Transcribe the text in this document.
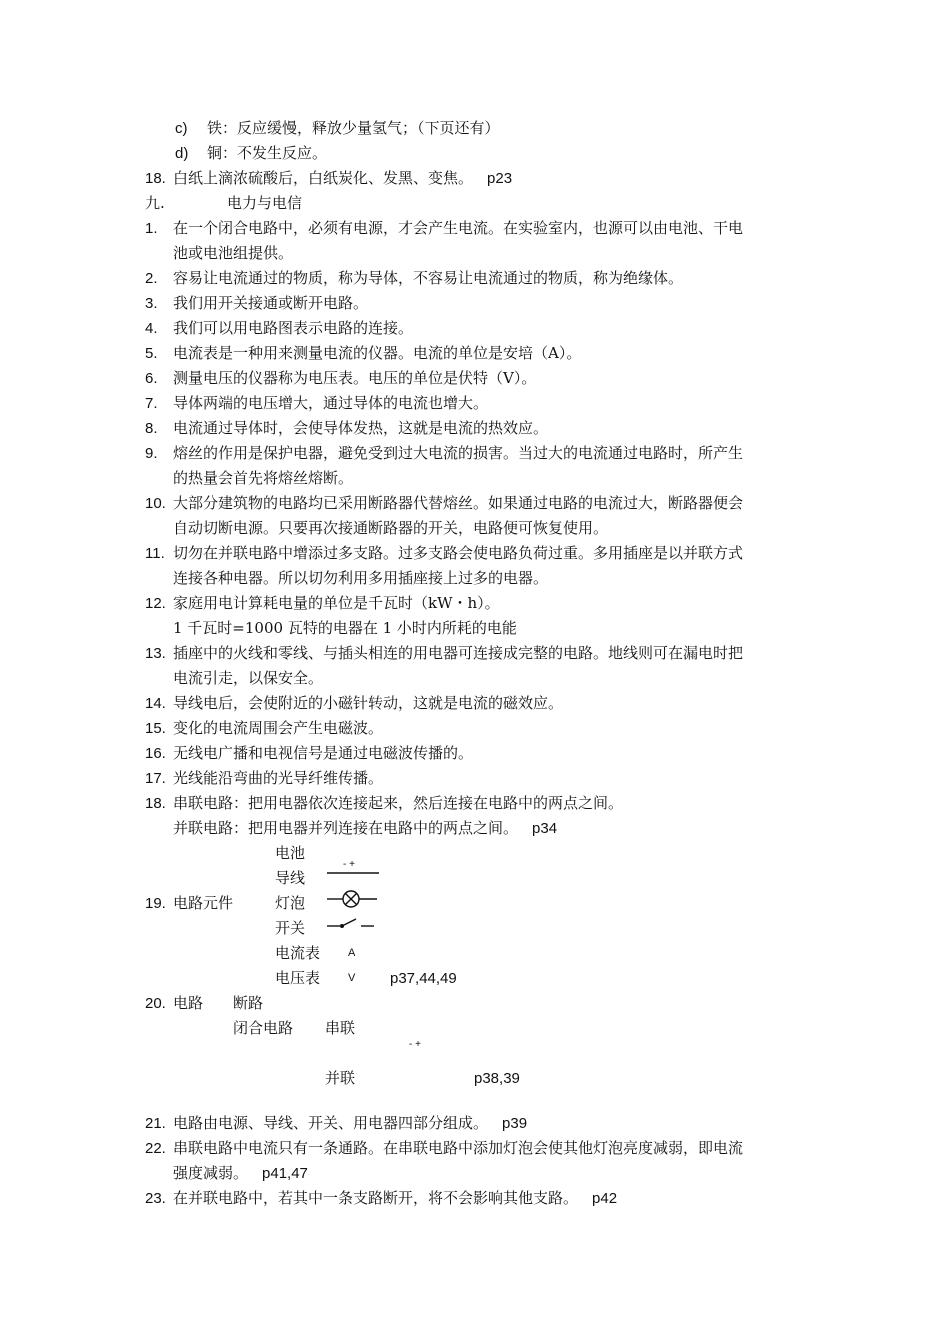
c) 铁：反应缓慢，释放少量氢气；（下页还有）
d) 铜：不发生反应。
18. 白纸上滴浓硫酸后，白纸炭化、发黑、变焦。 p23
九.	电力与电信
1. 在一个闭合电路中，必须有电源，才会产生电流。在实验室内，也源可以由电池、干电
池或电池组提供。
2. 容易让电流通过的物质，称为导体，不容易让电流通过的物质，称为绝缘体。
3. 我们用开关接通或断开电路。
4. 我们可以用电路图表示电路的连接。
5. 电流表是一种用来测量电流的仪器。电流的单位是安培（A）。
6. 测量电压的仪器称为电压表。电压的单位是伏特（V）。
7. 导体两端的电压增大，通过导体的电流也增大。
8. 电流通过导体时，会使导体发热，这就是电流的热效应。
9. 熔丝的作用是保护电器，避免受到过大电流的损害。当过大的电流通过电路时，所产生
的热量会首先将熔丝熔断。
10. 大部分建筑物的电路均已采用断路器代替熔丝。如果通过电路的电流过大，断路器便会
自动切断电源。只要再次接通断路器的开关，电路便可恢复使用。
11. 切勿在并联电路中增添过多支路。过多支路会使电路负荷过重。多用插座是以并联方式
连接各种电器。所以切勿利用多用插座接上过多的电器。
12. 家庭用电计算耗电量的单位是千瓦时（kW・h）。
1 千瓦时=1000 瓦特的电器在 1 小时内所耗的电能
13. 插座中的火线和零线、与插头相连的用电器可连接成完整的电路。地线则可在漏电时把
电流引走，以保安全。
14. 导线电后，会使附近的小磁针转动，这就是电流的磁效应。
15. 变化的电流周围会产生电磁波。
16. 无线电广播和电视信号是通过电磁波传播的。
17. 光线能沿弯曲的光导纤维传播。
18. 串联电路：把用电器依次连接起来，然后连接在电路中的两点之间。
并联电路：把用电器并列连接在电路中的两点之间。 p34
19. 电路元件
电池
导线
灯泡
开关
电流表
电压表
- +
A
V p37,44,49
20. 电路 断路
闭合电路 串联
- +
并联	p38,39
21. 电路由电源、导线、开关、用电器四部分组成。 p39
22. 串联电路中电流只有一条通路。在串联电路中添加灯泡会使其他灯泡亮度减弱，即电流
强度减弱。 p41,47
23. 在并联电路中，若其中一条支路断开，将不会影响其他支路。 p42
